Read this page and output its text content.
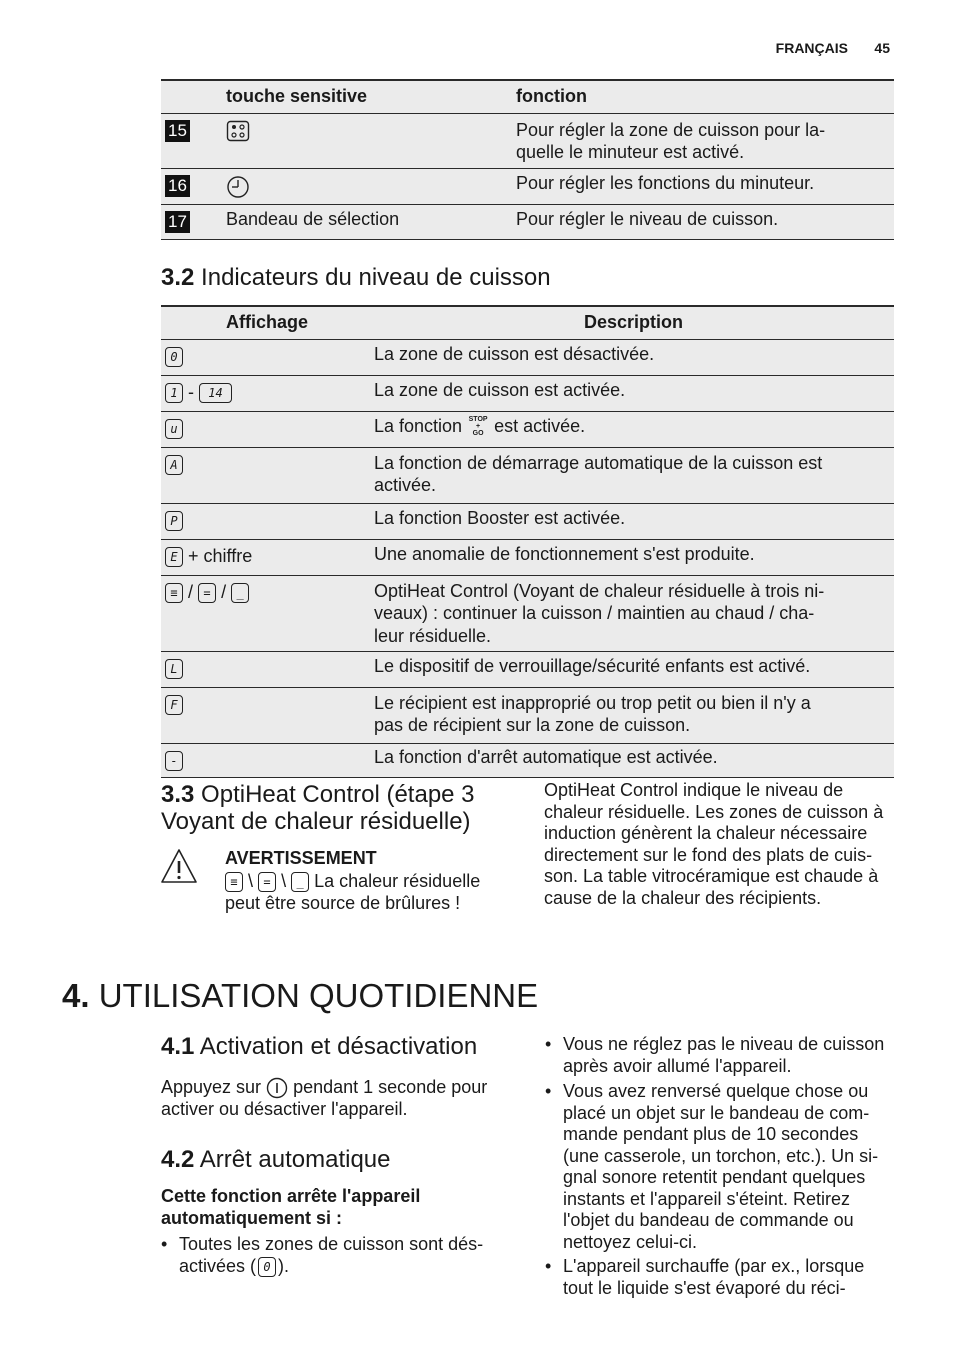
FRANÇAIS 45
	touche sensitive	fonction
15		Pour régler la zone de cuisson pour la-
quelle le minuteur est activé.
16		Pour régler les fonctions du minuteur.
17	Bandeau de sélection	Pour régler le niveau de cuisson.
3.2 Indicateurs du niveau de cuisson
Affichage	Description
0	La zone de cuisson est désactivée.
1 - 14	La zone de cuisson est activée.
u	La fonction STOP
+
GO est activée.
A	La fonction de démarrage automatique de la cuisson est
activée.
P	La fonction Booster est activée.
E + chiffre	Une anomalie de fonctionnement s'est produite.
≡ / = / _	OptiHeat Control (Voyant de chaleur résiduelle à trois ni-
veaux) : continuer la cuisson / maintien au chaud / cha-
leur résiduelle.
L	Le dispositif de verrouillage/sécurité enfants est activé.
F	Le récipient est inapproprié ou trop petit ou bien il n'y a
pas de récipient sur la zone de cuisson.
-	La fonction d'arrêt automatique est activée.
3.3 OptiHeat Control (étape 3
Voyant de chaleur résiduelle)
AVERTISSEMENT
≡ \ = \ _ La chaleur résiduelle
peut être source de brûlures !
OptiHeat Control indique le niveau de
chaleur résiduelle. Les zones de cuisson à
induction génèrent la chaleur nécessaire
directement sur le fond des plats de cuis-
son. La table vitrocéramique est chaude à
cause de la chaleur des récipients.
4. UTILISATION QUOTIDIENNE
4.1 Activation et désactivation
Appuyez sur pendant 1 seconde pour
activer ou désactiver l'appareil.
4.2 Arrêt automatique
Cette fonction arrête l'appareil
automatiquement si :
• Toutes les zones de cuisson sont dés-
activées ( 0 ).
• Vous ne réglez pas le niveau de cuisson
après avoir allumé l'appareil.
• Vous avez renversé quelque chose ou
placé un objet sur le bandeau de com-
mande pendant plus de 10 secondes
(une casserole, un torchon, etc.). Un si-
gnal sonore retentit pendant quelques
instants et l'appareil s'éteint. Retirez
l'objet du bandeau de commande ou
nettoyez celui-ci.
• L'appareil surchauffe (par ex., lorsque
tout le liquide s'est évaporé du réci-
